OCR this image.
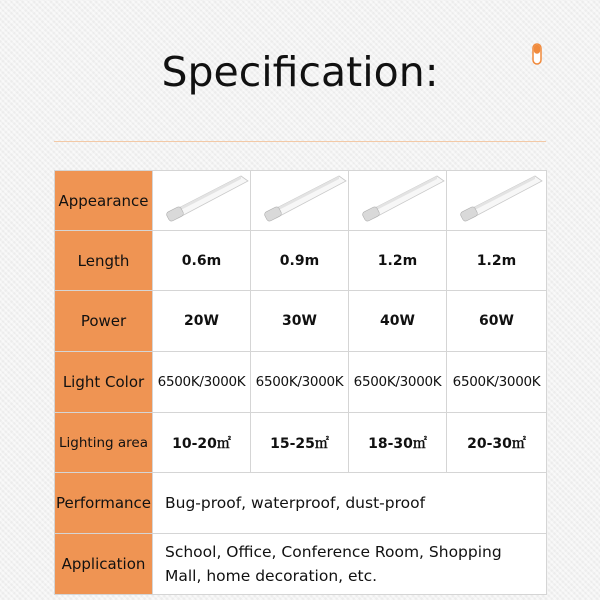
Specification:
Appearance	

Length	0.6m	0.9m	1.2m	1.2m
Power	20W	30W	40W	60W
Light Color	6500K/3000K	6500K/3000K	6500K/3000K	6500K/3000K
Lighting area	10-20㎡	15-25㎡	18-30㎡	20-30㎡
Performance	Bug-proof, waterproof, dust-proof			
Application	School, Office, Conference Room, Shopping Mall, home decoration, etc.			
